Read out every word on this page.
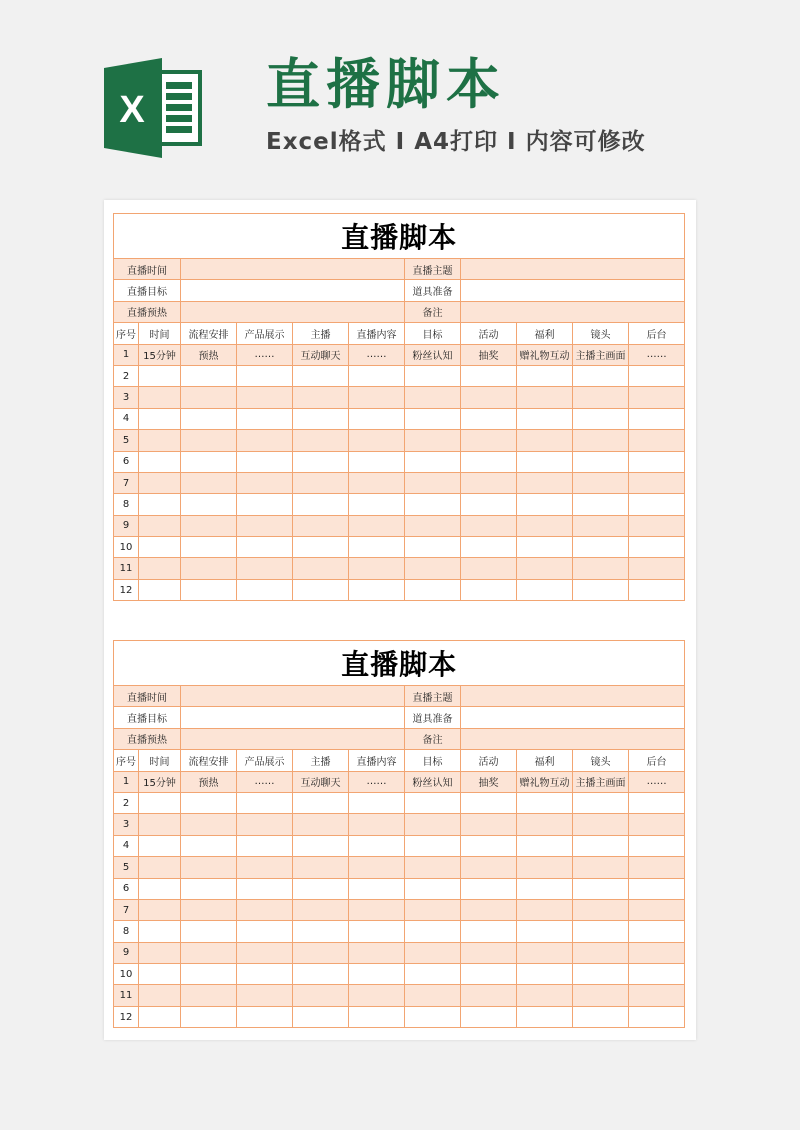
X 直播脚本
Excel格式 I A4打印 I 内容可修改
直播脚本										
直播时间						直播主题				
直播目标						道具准备				
直播预热						备注				
序号	时间	流程安排	产品展示	主播	直播内容	目标	活动	福利	镜头	后台
1	15分钟	预热	……	互动聊天	……	粉丝认知	抽奖	赠礼物互动	主播主画面	……
2										
3										
4										
5										
6										
7										
8										
9										
10										
11										
12										
直播脚本										
直播时间						直播主题				
直播目标						道具准备				
直播预热						备注				
序号	时间	流程安排	产品展示	主播	直播内容	目标	活动	福利	镜头	后台
1	15分钟	预热	……	互动聊天	……	粉丝认知	抽奖	赠礼物互动	主播主画面	……
2										
3										
4										
5										
6										
7										
8										
9										
10										
11										
12										
